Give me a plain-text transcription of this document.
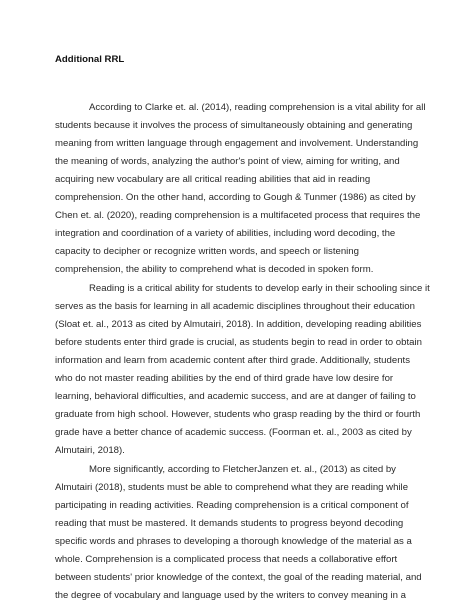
Additional RRL
According to Clarke et. al. (2014), reading comprehension is a vital ability for all
students because it involves the process of simultaneously obtaining and generating
meaning from written language through engagement and involvement. Understanding
the meaning of words, analyzing the author's point of view, aiming for writing, and
acquiring new vocabulary are all critical reading abilities that aid in reading
comprehension. On the other hand, according to Gough & Tunmer (1986) as cited by
Chen et. al. (2020), reading comprehension is a multifaceted process that requires the
integration and coordination of a variety of abilities, including word decoding, the
capacity to decipher or recognize written words, and speech or listening
comprehension, the ability to comprehend what is decoded in spoken form.
Reading is a critical ability for students to develop early in their schooling since it
serves as the basis for learning in all academic disciplines throughout their education
(Sloat et. al., 2013 as cited by Almutairi, 2018). In addition, developing reading abilities
before students enter third grade is crucial, as students begin to read in order to obtain
information and learn from academic content after third grade. Additionally, students
who do not master reading abilities by the end of third grade have low desire for
learning, behavioral difficulties, and academic success, and are at danger of failing to
graduate from high school. However, students who grasp reading by the third or fourth
grade have a better chance of academic success. (Foorman et. al., 2003 as cited by
Almutairi, 2018).
More significantly, according to FletcherJanzen et. al., (2013) as cited by
Almutairi (2018), students must be able to comprehend what they are reading while
participating in reading activities. Reading comprehension is a critical component of
reading that must be mastered. It demands students to progress beyond decoding
specific words and phrases to developing a thorough knowledge of the material as a
whole. Comprehension is a complicated process that needs a collaborative effort
between students' prior knowledge of the context, the goal of the reading material, and
the degree of vocabulary and language used by the writers to convey meaning in a
